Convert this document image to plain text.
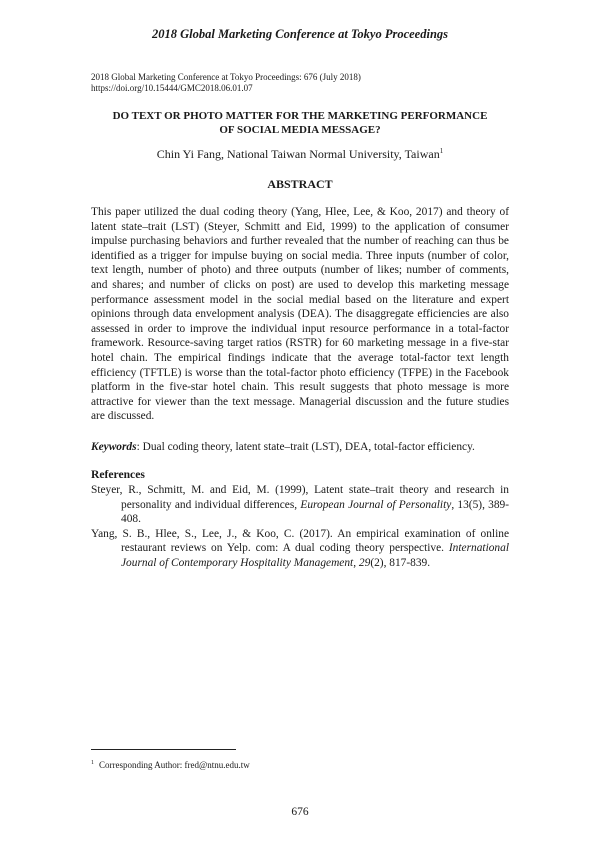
2018 Global Marketing Conference at Tokyo Proceedings
2018 Global Marketing Conference at Tokyo Proceedings: 676 (July 2018)
https://doi.org/10.15444/GMC2018.06.01.07
DO TEXT OR PHOTO MATTER FOR THE MARKETING PERFORMANCE
OF SOCIAL MEDIA MESSAGE?
Chin Yi Fang, National Taiwan Normal University, Taiwan$^1$
ABSTRACT

This paper utilized the dual coding theory (Yang, Hlee, Lee, & Koo, 2017) and theory of latent state–trait (LST) (Steyer, Schmitt and Eid, 1999) to the application of consumer impulse purchasing behaviors and further revealed that the number of reaching can thus be identified as a trigger for impulse buying on social media. Three inputs (number of color, text length, number of photo) and three outputs (number of likes; number of comments, and shares; and number of clicks on post) are used to develop this marketing message performance assessment model in the social medial based on the literature and expert opinions through data envelopment analysis (DEA). The disaggregate efficiencies are also assessed in order to improve the individual input resource performance in a total-factor framework. Resource-saving target ratios (RSTR) for 60 marketing message in a five-star hotel chain. The empirical findings indicate that the average total-factor text length efficiency (TFTLE) is worse than the total-factor photo efficiency (TFPE) in the Facebook platform in the five-star hotel chain. This result suggests that photo message is more attractive for viewer than the text message. Managerial discussion and the future studies are discussed.

Keywords: Dual coding theory, latent state–trait (LST), DEA, total-factor efficiency.
References
Steyer, R., Schmitt, M. and Eid, M. (1999), Latent state–trait theory and research in personality and individual differences, European Journal of Personality, 13(5), 389-408.
Yang, S. B., Hlee, S., Lee, J., & Koo, C. (2017). An empirical examination of online restaurant reviews on Yelp. com: A dual coding theory perspective. International Journal of Contemporary Hospitality Management, 29(2), 817-839.
$^1$ Corresponding Author: fred@ntnu.edu.tw
676
